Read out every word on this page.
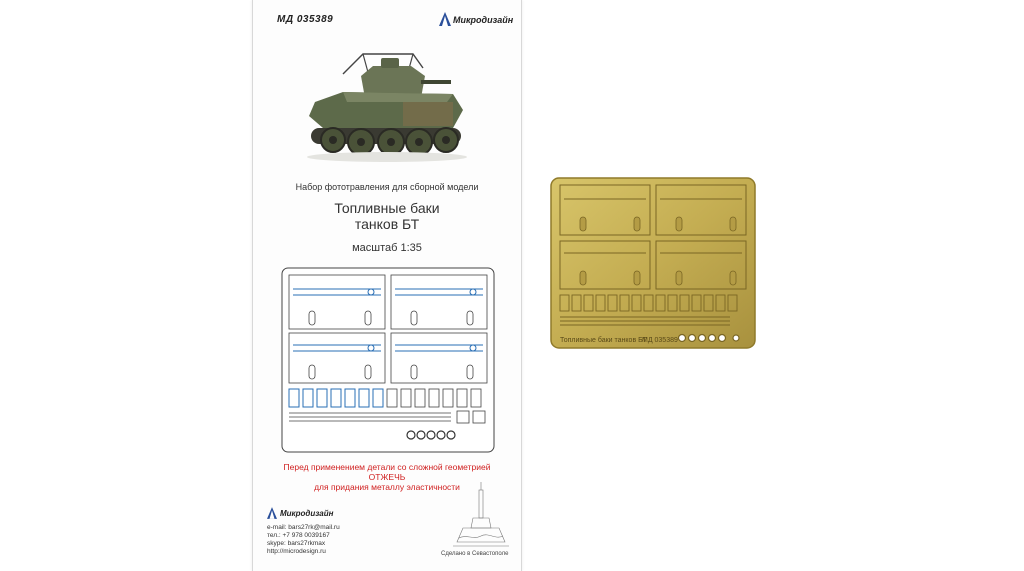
МД 035389	Микродизайн
Набор фототравления для сборной модели
Топливные баки
танков БТ
масштаб 1:35
Перед применением детали со сложной геометрией
ОТЖЕЧЬ
для придания металлу эластичности
Микродизайн
e-mail: bars27rk@mail.ru
тел.: +7 978 0039167
skype: bars27rkmax
http://microdesign.ru	Сделано в Севастополе
Топливные баки танков БТ
МД 035389
